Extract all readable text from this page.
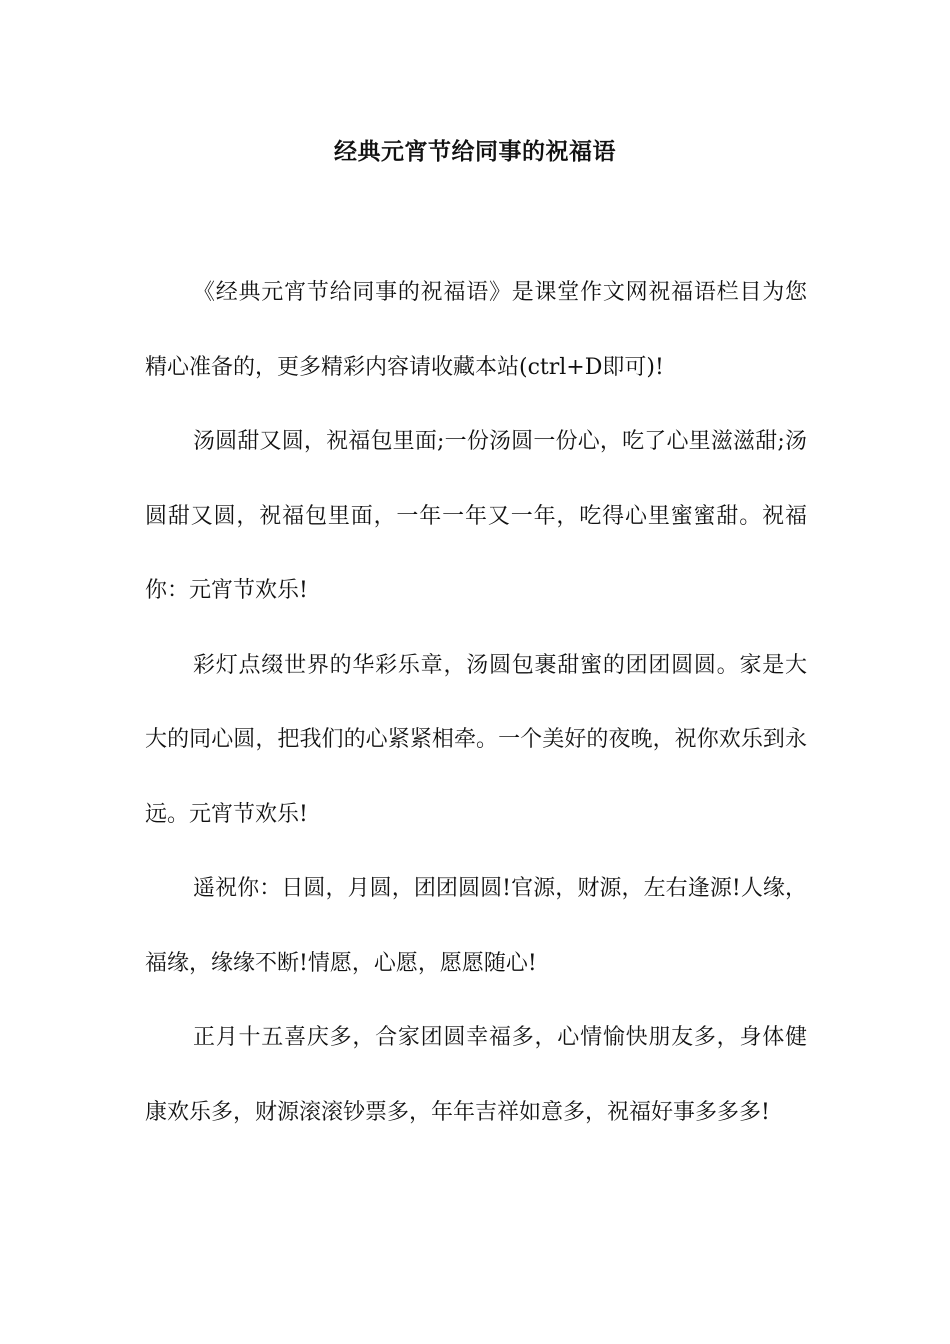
经典元宵节给同事的祝福语

《经典元宵节给同事的祝福语》是课堂作文网祝福语栏目为您精心准备的，更多精彩内容请收藏本站(ctrl+D即可)!

汤圆甜又圆，祝福包里面;一份汤圆一份心，吃了心里滋滋甜;汤圆甜又圆，祝福包里面，一年一年又一年，吃得心里蜜蜜甜。祝福你：元宵节欢乐!

彩灯点缀世界的华彩乐章，汤圆包裹甜蜜的团团圆圆。家是大大的同心圆，把我们的心紧紧相牵。一个美好的夜晚，祝你欢乐到永远。元宵节欢乐!

遥祝你：日圆，月圆，团团圆圆!官源，财源，左右逢源!人缘，福缘，缘缘不断!情愿，心愿，愿愿随心!

正月十五喜庆多，合家团圆幸福多，心情愉快朋友多，身体健康欢乐多，财源滚滚钞票多，年年吉祥如意多，祝福好事多多多!
